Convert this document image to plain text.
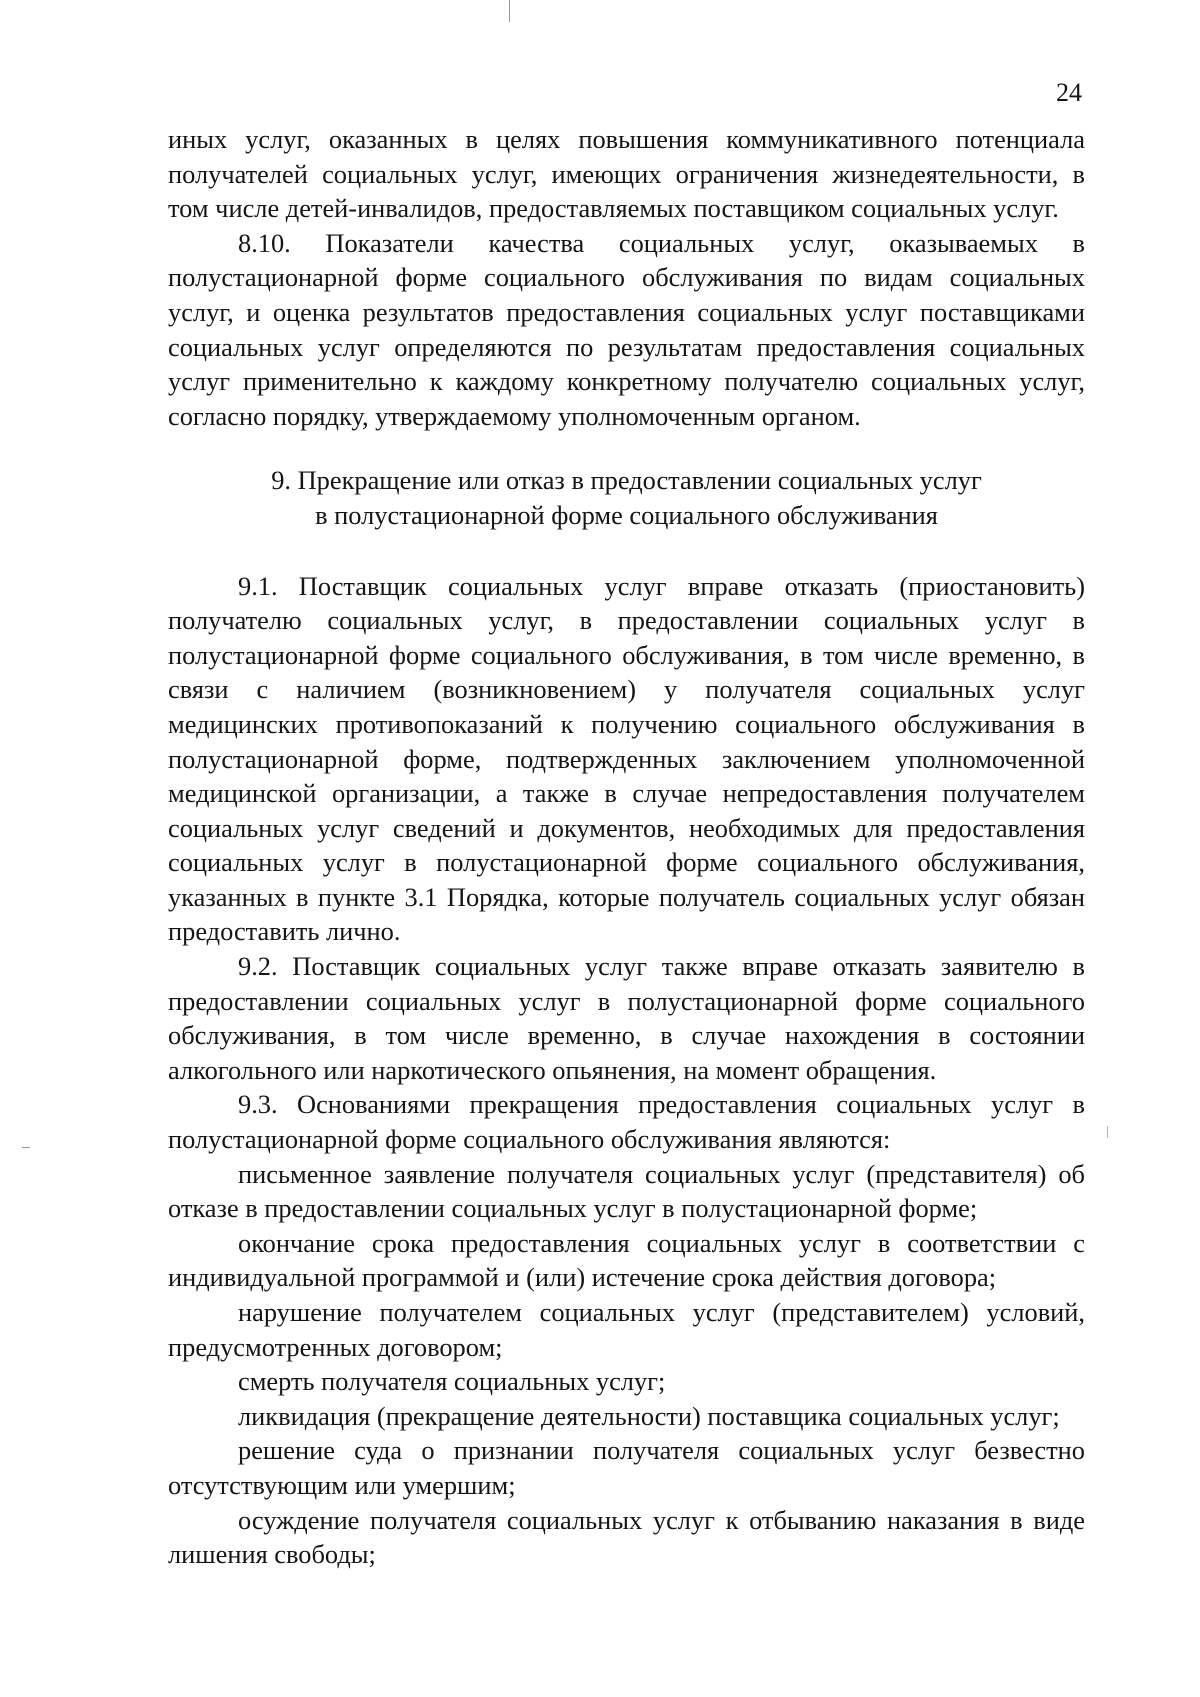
24

иных услуг, оказанных в целях повышения коммуникативного потенциала получателей социальных услуг, имеющих ограничения жизнедеятельности, в том числе детей-инвалидов, предоставляемых поставщиком социальных услуг.

8.10. Показатели качества социальных услуг, оказываемых в полустационарной форме социального обслуживания по видам социальных услуг, и оценка результатов предоставления социальных услуг поставщиками социальных услуг определяются по результатам предоставления социальных услуг применительно к каждому конкретному получателю социальных услуг, согласно порядку, утверждаемому уполномоченным органом.

9. Прекращение или отказ в предоставлении социальных услуг
в полустационарной форме социального обслуживания

9.1. Поставщик социальных услуг вправе отказать (приостановить) получателю социальных услуг, в предоставлении социальных услуг в полустационарной форме социального обслуживания, в том числе временно, в связи с наличием (возникновением) у получателя социальных услуг медицинских противопоказаний к получению социального обслуживания в полустационарной форме, подтвержденных заключением уполномоченной медицинской организации, а также в случае непредоставления получателем социальных услуг сведений и документов, необходимых для предоставления социальных услуг в полустационарной форме социального обслуживания, указанных в пункте 3.1 Порядка, которые получатель социальных услуг обязан предоставить лично.

9.2. Поставщик социальных услуг также вправе отказать заявителю в предоставлении социальных услуг в полустационарной форме социального обслуживания, в том числе временно, в случае нахождения в состоянии алкогольного или наркотического опьянения, на момент обращения.

9.3. Основаниями прекращения предоставления социальных услуг в полустационарной форме социального обслуживания являются:

письменное заявление получателя социальных услуг (представителя) об отказе в предоставлении социальных услуг в полустационарной форме;

окончание срока предоставления социальных услуг в соответствии с индивидуальной программой и (или) истечение срока действия договора;

нарушение получателем социальных услуг (представителем) условий, предусмотренных договором;

смерть получателя социальных услуг;

ликвидация (прекращение деятельности) поставщика социальных услуг;

решение суда о признании получателя социальных услуг безвестно отсутствующим или умершим;

осуждение получателя социальных услуг к отбыванию наказания в виде лишения свободы;
